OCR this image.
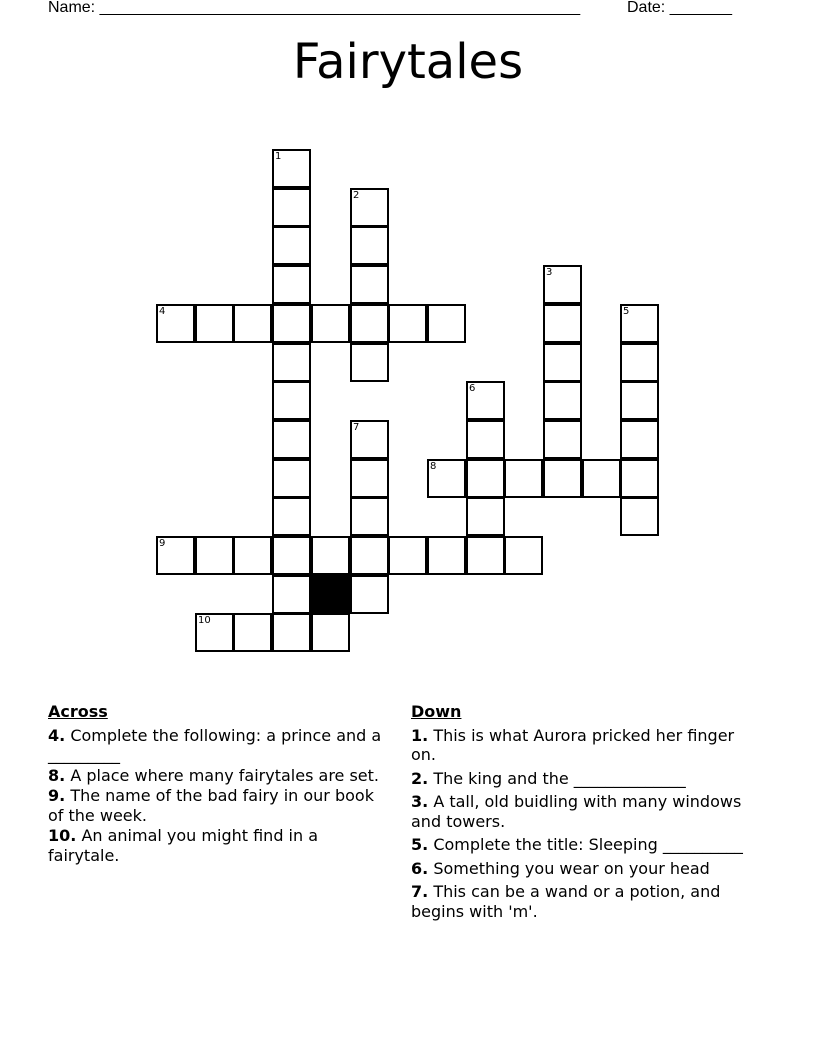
Name: ______________________________________________________	Date: _______
Fairytales
1
2
3
4	5
6
7
8
9
10
Across
4. Complete the following: a prince and a _________
8. A place where many fairytales are set.
9. The name of the bad fairy in our book of the week.
10. An animal you might find in a fairytale.
Down
1. This is what Aurora pricked her finger on.
2. The king and the ______________
3. A tall, old buidling with many windows and towers.
5. Complete the title: Sleeping __________
6. Something you wear on your head
7. This can be a wand or a potion, and begins with 'm'.
